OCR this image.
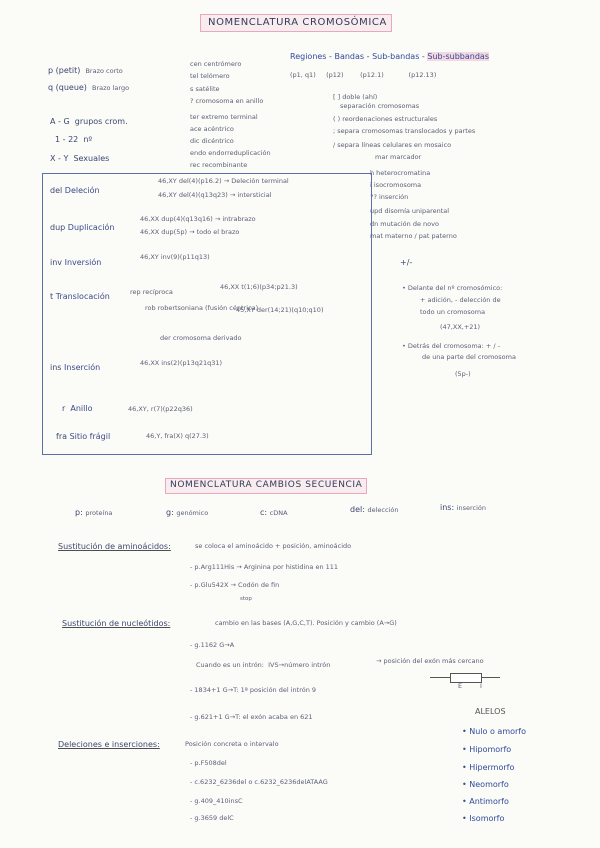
NOMENCLATURA CROMOSÓMICA
p (petit) Brazo corto
q (queue) Brazo largo
A - G grupos crom.
1 - 22 nº
X - Y Sexuales
cen centrómero
tel telómero
s satélite
? cromosoma en anillo
ter extremo terminal
ace acéntrico
dic dicéntrico
endo endorreduplicación
rec recombinante
Regiones - Bandas - Sub-bandas - Sub-subbandas
(p1, q1) (p12)	(p12.1)	(p12.13)
[ ] doble (ahí)
separación cromosomas
( ) reordenaciones estructurales
; separa cromosomas translocados y partes
/ separa líneas celulares en mosaico
mar marcador
h heterocromatina
i isocromosoma
?? inserción
upd disomía uniparental
dn mutación de novo
mat materno / pat paterno
del Deleción
46,XY del(4)(p16.2) → Deleción terminal
46,XY del(4)(q13q23) → intersticial
dup Duplicación
46,XX dup(4)(q13q16) → intrabrazo
46,XX dup(5p) → todo el brazo
inv Inversión
46,XY inv(9)(p11q13)
t Translocación	rep recíproca
46,XX t(1;6)(p34;p21.3)
rob robertsoniana (fusión céntrica)
45,XY der(14;21)(q10;q10)
der cromosoma derivado
ins Inserción	46,XX ins(2)(p13q21q31)
r Anillo	46,XY, r(7)(p22q36)
fra Sitio frágil	46,Y, fra(X) q(27.3)
+/-
• Delante del nº cromosómico:
+ adición, - delección de
todo un cromosoma
(47,XX,+21)
• Detrás del cromosoma: + / -
de una parte del cromosoma
(5p-)
NOMENCLATURA CAMBIOS SECUENCIA
p: proteína	g: genómico	c: cDNA	del: delección	ins: inserción
Sustitución de aminoácidos:	se coloca el aminoácido + posición, aminoácido
- p.Arg111His → Arginina por histidina en 111
- p.Glu542X → Codón de fin
stop
Sustitución de nucleótidos:	cambio en las bases (A,G,C,T). Posición y cambio (A→G)
- g.1162 G→A
Cuando es un intrón: IVS→número intrón	→ posición del exón más cercano
- 1834+1 G→T: 1ª posición del intrón 9
- g.621+1 G→T: el exón acaba en 621
E	I
Deleciones e inserciones:	Posición concreta o intervalo
- p.F508del
- c.6232_6236del o c.6232_6236delATAAG
- g.409_410insC
- g.3659 delC
ALELOS
• Nulo o amorfo
• Hipomorfo
• Hipermorfo
• Neomorfo
• Antimorfo
• Isomorfo
